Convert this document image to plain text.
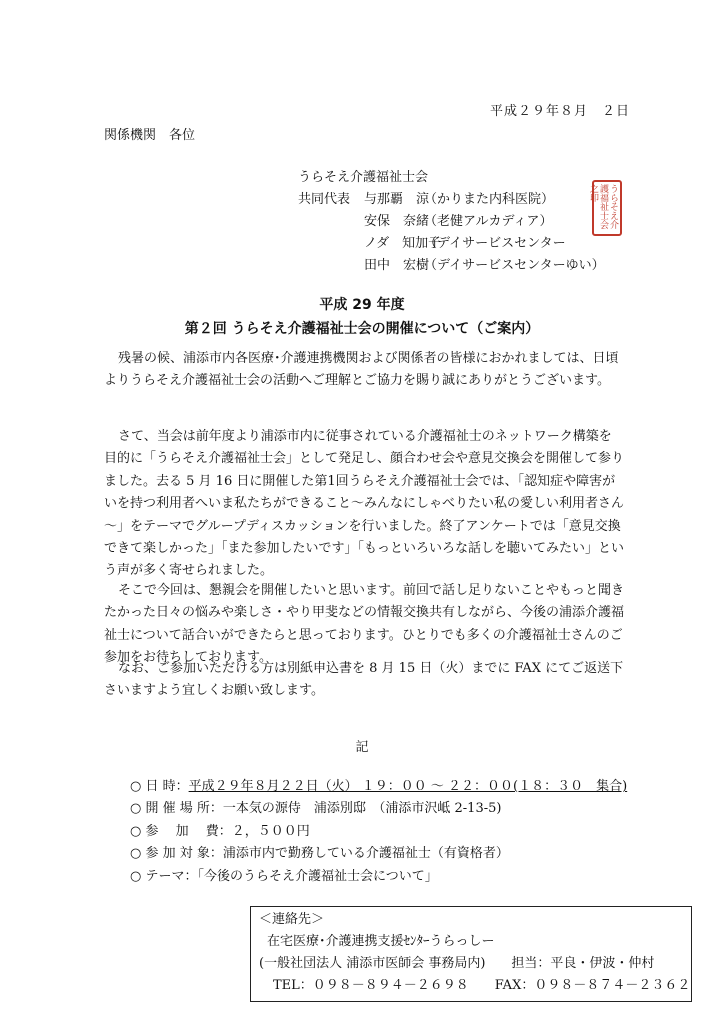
平成２９年８月　２日
関係機関　各位
うらそえ介護福祉士会
共同代表 与那覇　涼（かりまた内科医院）
安保　奈緒（老健アルカディア）
ノダ　知加子（デイサービスセンター
田中　宏樹（デイサービスセンターゆい）
うらそえ介護福祉士会之印
平成 29 年度
第２回 うらそえ介護福祉士会の開催について（ご案内）
残暑の候、浦添市内各医療･介護連携機関および関係者の皆様におかれましては、日頃よりうらそえ介護福祉士会の活動へご理解とご協力を賜り誠にありがとうございます。
さて、当会は前年度より浦添市内に従事されている介護福祉士のネットワーク構築を目的に「うらそえ介護福祉士会」として発足し、顔合わせ会や意見交換会を開催して参りました。去る 5 月 16 日に開催した第1回うらそえ介護福祉士会では、「認知症や障害がいを持つ利用者へいま私たちができること～みんなにしゃべりたい私の愛しい利用者さん～」をテーマでグループディスカッションを行いました。終了アンケートでは「意見交換できて楽しかった」「また参加したいです」「もっといろいろな話しを聴いてみたい」という声が多く寄せられました。
そこで今回は、懇親会を開催したいと思います。前回で話し足りないことやもっと聞きたかった日々の悩みや楽しさ・やり甲斐などの情報交換共有しながら、今後の浦添介護福祉士について話合いができたらと思っております。ひとりでも多くの介護福祉士さんのご参加をお待ちしております。
なお、ご参加いただける方は別紙申込書を 8 月 15 日（火）までに FAX にてご返送下さいますよう宜しくお願い致します。
記
○ 日 時：平成２９年８月２２日（火） １９：００ ～ ２２：００(１８：３０　集合)
○ 開 催 場 所：一本気の源侍　浦添別邸　（浦添市沢岻 2-13-5)
○ 参　 加　 費：２，５００円
○ 参 加 対 象：浦添市内で勤務している介護福祉士（有資格者）
○ テーマ：「今後のうらそえ介護福祉士会について」
＜連絡先＞
在宅医療･介護連携支援ｾﾝﾀｰうらっしー
(一般社団法人 浦添市医師会 事務局内)　　担当：平良・伊波・仲村
TEL：０９８－８９４－２６９８　　FAX：０９８－８７４－２３６２
